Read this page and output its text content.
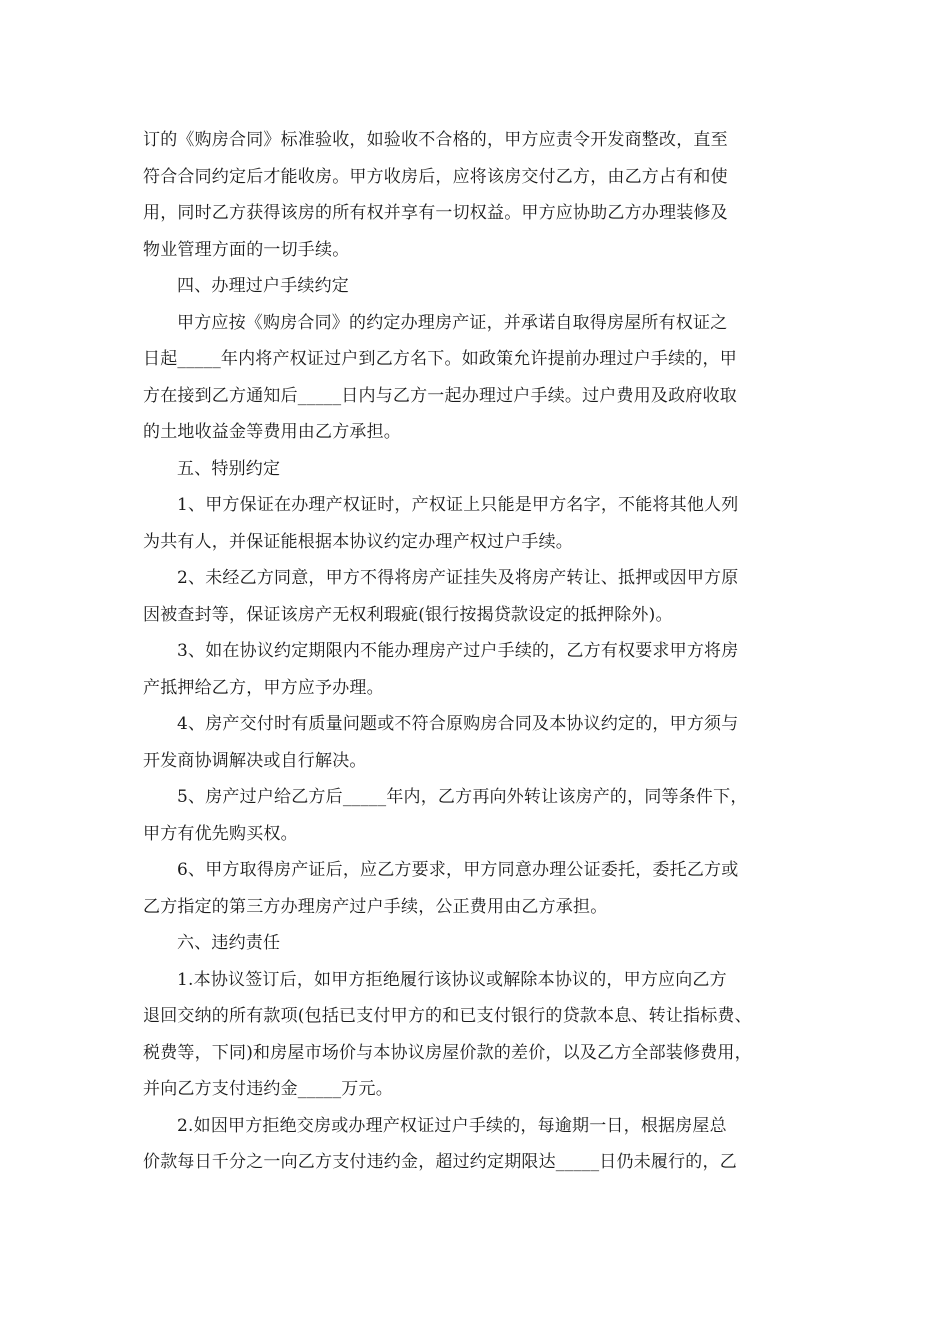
订的《购房合同》标准验收，如验收不合格的，甲方应责令开发商整改，直至
符合合同约定后才能收房。甲方收房后，应将该房交付乙方，由乙方占有和使
用，同时乙方获得该房的所有权并享有一切权益。甲方应协助乙方办理装修及
物业管理方面的一切手续。
四、办理过户手续约定
甲方应按《购房合同》的约定办理房产证，并承诺自取得房屋所有权证之
日起_____年内将产权证过户到乙方名下。如政策允许提前办理过户手续的，甲
方在接到乙方通知后_____日内与乙方一起办理过户手续。过户费用及政府收取
的土地收益金等费用由乙方承担。
五、特别约定
1、甲方保证在办理产权证时，产权证上只能是甲方名字，不能将其他人列
为共有人，并保证能根据本协议约定办理产权过户手续。
2、未经乙方同意，甲方不得将房产证挂失及将房产转让、抵押或因甲方原
因被查封等，保证该房产无权利瑕疵(银行按揭贷款设定的抵押除外)。
3、如在协议约定期限内不能办理房产过户手续的，乙方有权要求甲方将房
产抵押给乙方，甲方应予办理。
4、房产交付时有质量问题或不符合原购房合同及本协议约定的，甲方须与
开发商协调解决或自行解决。
5、房产过户给乙方后_____年内，乙方再向外转让该房产的，同等条件下，
甲方有优先购买权。
6、甲方取得房产证后，应乙方要求，甲方同意办理公证委托，委托乙方或
乙方指定的第三方办理房产过户手续，公正费用由乙方承担。
六、违约责任
1.本协议签订后，如甲方拒绝履行该协议或解除本协议的，甲方应向乙方
退回交纳的所有款项(包括已支付甲方的和已支付银行的贷款本息、转让指标费、
税费等，下同)和房屋市场价与本协议房屋价款的差价，以及乙方全部装修费用，
并向乙方支付违约金_____万元。
2.如因甲方拒绝交房或办理产权证过户手续的，每逾期一日，根据房屋总
价款每日千分之一向乙方支付违约金，超过约定期限达_____日仍未履行的，乙
